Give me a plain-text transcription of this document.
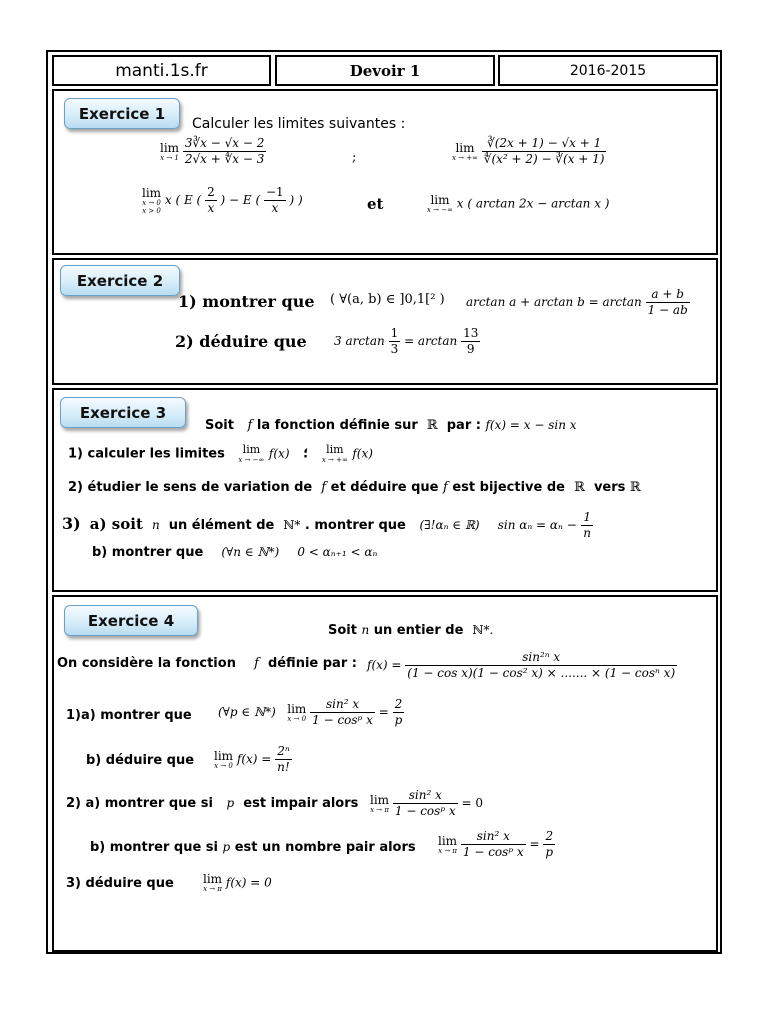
manti.1s.fr	Devoir 1	2016-2015
Exercice 1
Calculer les limites suivantes :
lim
x → 1
$\frac{3∛x - √x - 2}{2√x + ∜x - 3}$	;
lim
x → +∞
$\frac{∛(2x + 1) - √x + 1}{\text{∜(x² + 2) − ∛(x + 1)}}$
lim
x → 0
x > 0
x ( E ( $\frac{2}{x}$ ) − E ( $\frac{-1}{x}$ ) )	et	lim
x → −∞ x ( arctan 2x − arctan x )
Exercice 2
1) montrer que ( ∀(a, b) ∈ ]0,1[² ) $\arctan a + \arctan b = \arctan \frac{a + b}{1 - ab}$
2) déduire que 3 $\arctan \frac{1}{3} = \arctan \frac{13}{9}$
Exercice 3
Soit f la fonction définie sur ℝ par : f(x) = x − sin x
1) calculer les limites	lim
x → −∞ f(x) ؛	lim
x → +∞ f(x)
2) étudier le sens de variation de f et déduire que f est bijective de ℝ vers ℝ
3) a) soit n un élément de ℕ* . montrer que (∃!αₙ ∈ ℝ) $\sin \alpha_n = \alpha_n - \frac{1}{n}$
b) montrer que (∀n ∈ ℕ*) 0 < αₙ₊₁ < αₙ
Exercice 4
Soit n un entier de ℕ*.
On considère la fonction f définie par : $f(x) = \frac{\text{sin²ⁿ x}}{\text{(1 − cos x)(1 − cos² x) × ....... × (1 − cosⁿ x)}}$
1)a) montrer que (∀p ∈ ℕ*) lim
x → 0
$\frac{\text{sin² x}}{\text{1 − cosᵖ x}} = \frac{2}{p}$
b) déduire que lim
x → 0 $f(x) = \frac{\text{2ⁿ}}{n!}$
2) a) montrer que si p est impair alors lim
x → π
$\frac{\text{sin² x}}{\text{1 − cosᵖ x}} = 0$
b) montrer que si p est un nombre pair alors lim
x → π
$\frac{\text{sin² x}}{\text{1 − cosᵖ x}} = \frac{2}{p}$
3) déduire que lim
x → π f(x) = 0
